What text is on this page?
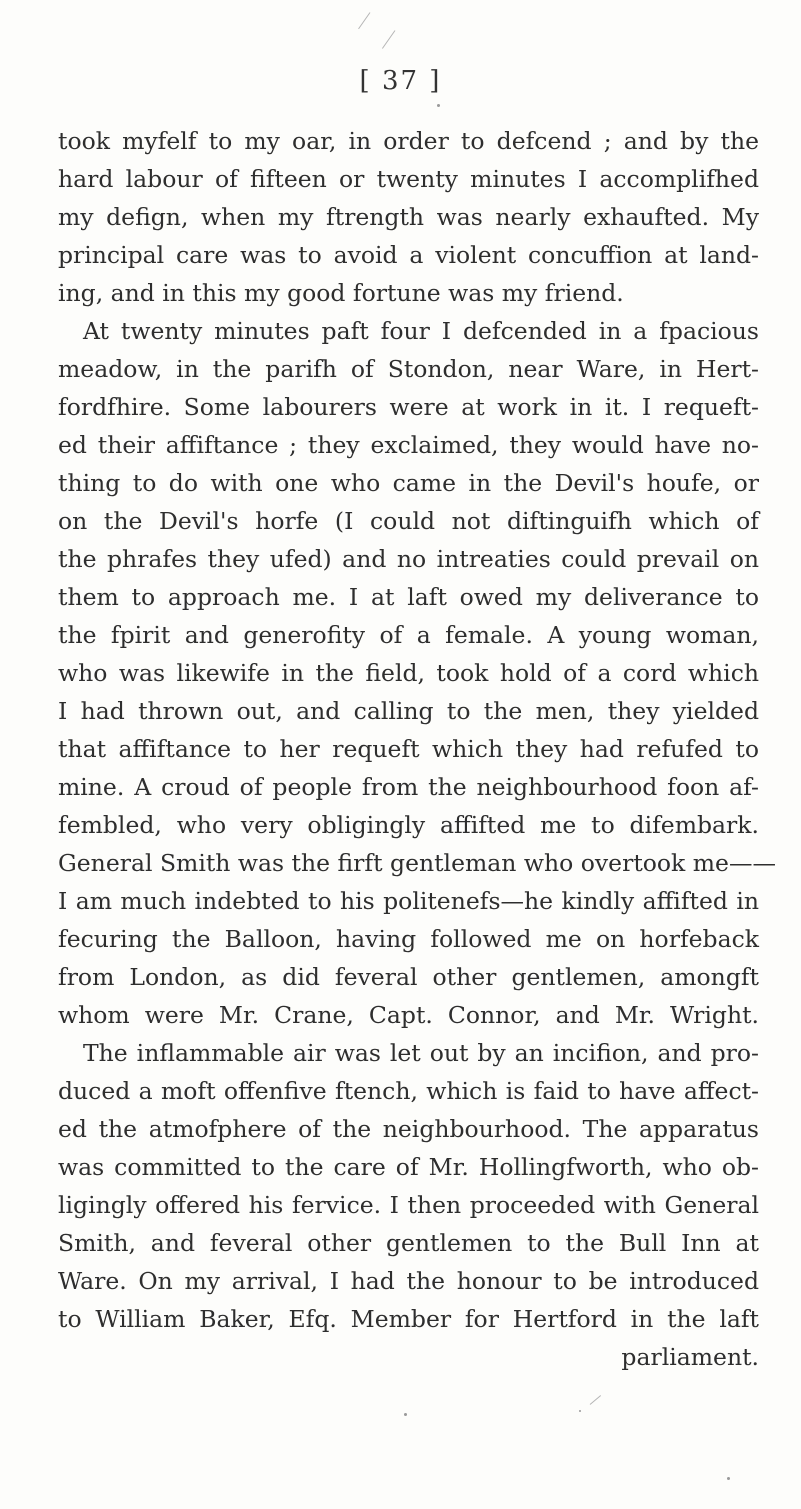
[ 37 ]
took myfelf to my oar, in order to defcend ; and by the
hard labour of fifteen or twenty minutes I accomplifhed
my defign, when my ftrength was nearly exhaufted. My
principal care was to avoid a violent concuffion at land-
ing, and in this my good fortune was my friend.
At twenty minutes paft four I defcended in a fpacious
meadow, in the parifh of Stondon, near Ware, in Hert-
fordfhire. Some labourers were at work in it. I requeft-
ed their affiftance ; they exclaimed, they would have no-
thing to do with one who came in the Devil's houfe, or
on the Devil's horfe (I could not diftinguifh which of
the phrafes they ufed) and no intreaties could prevail on
them to approach me. I at laft owed my deliverance to
the fpirit and generofity of a female. A young woman,
who was likewife in the field, took hold of a cord which
I had thrown out, and calling to the men, they yielded
that affiftance to her requeft which they had refufed to
mine. A croud of people from the neighbourhood foon af-
fembled, who very obligingly affifted me to difembark.
General Smith was the firft gentleman who overtook me——
I am much indebted to his politenefs—he kindly affifted in
fecuring the Balloon, having followed me on horfeback
from London, as did feveral other gentlemen, amongft
whom were Mr. Crane, Capt. Connor, and Mr. Wright.
The inflammable air was let out by an incifion, and pro-
duced a moft offenfive ftench, which is faid to have affect-
ed the atmofphere of the neighbourhood. The apparatus
was committed to the care of Mr. Hollingfworth, who ob-
ligingly offered his fervice. I then proceeded with General
Smith, and feveral other gentlemen to the Bull Inn at
Ware. On my arrival, I had the honour to be introduced
to William Baker, Efq. Member for Hertford in the laft
parliament.
